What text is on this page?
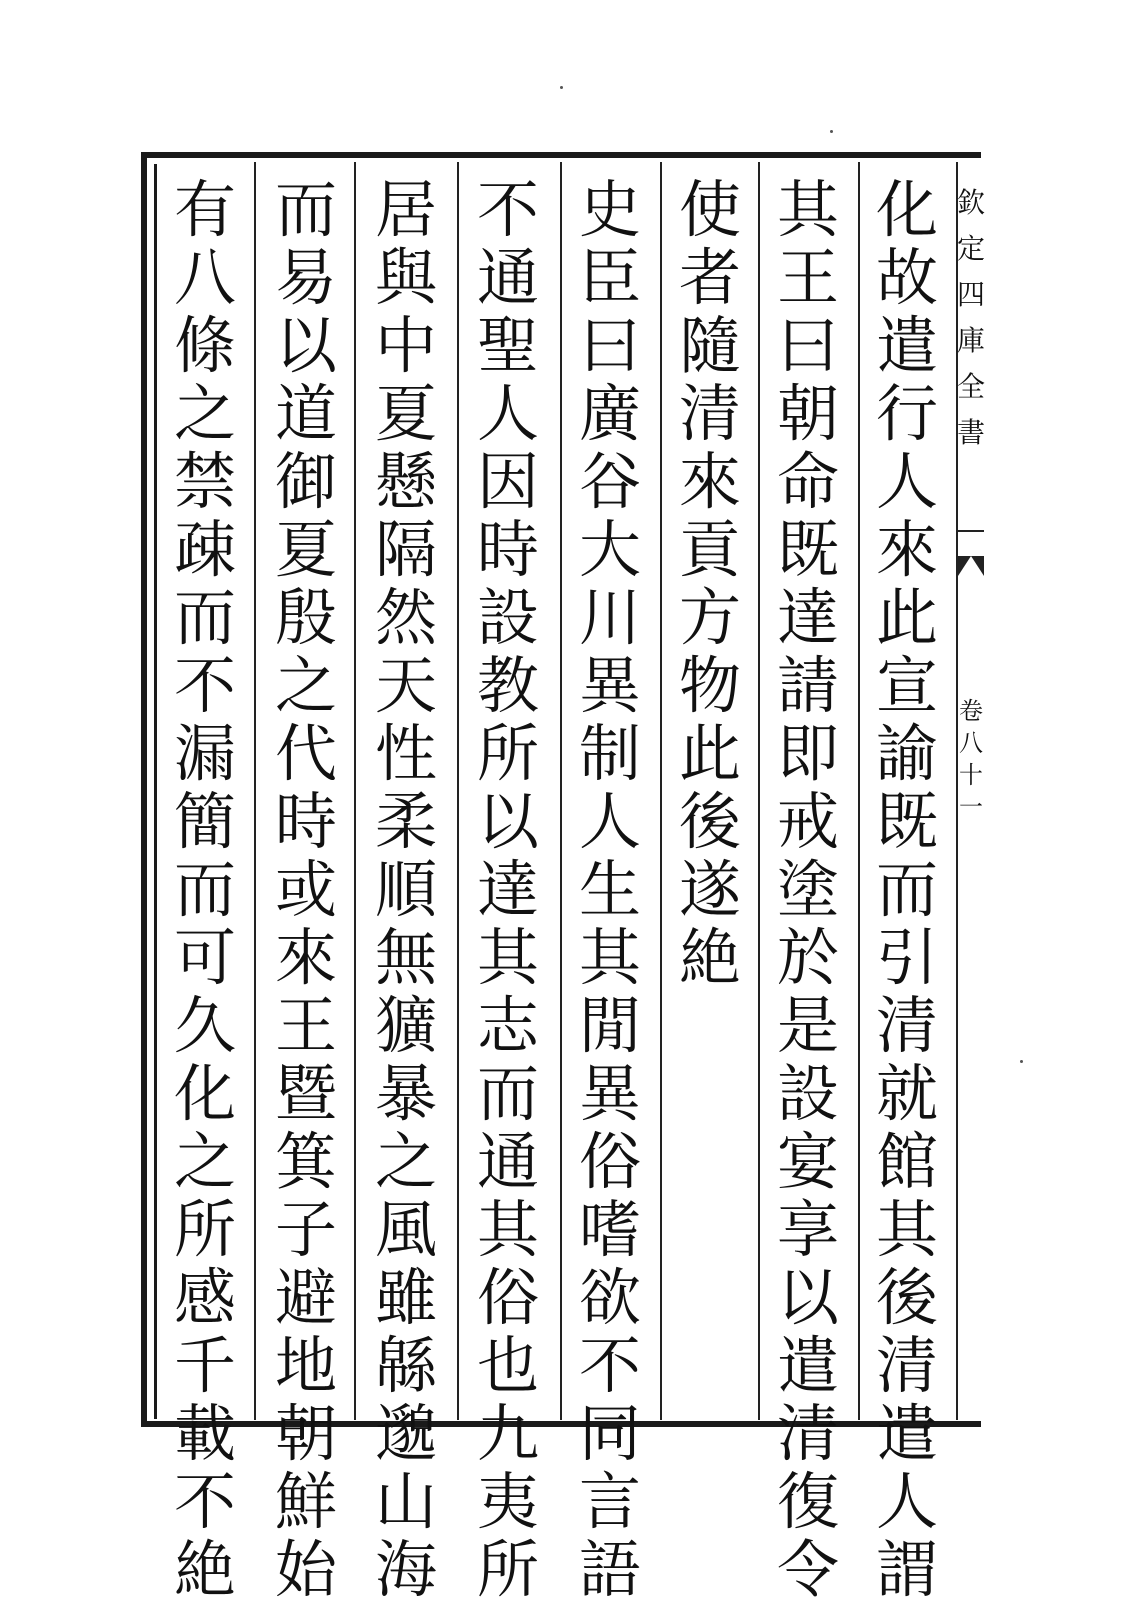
化
故
遣
行
人
來
此
宣
諭
既
而
引
清
就
館
其
後
清
遣
人
謂
其
王
曰
朝
命
既
達
請
即
戒
塗
於
是
設
宴
享
以
遣
清
復
令
使
者
隨
清
來
貢
方
物
此
後
遂
絶
史
臣
曰
廣
谷
大
川
異
制
人
生
其
閒
異
俗
嗜
欲
不
同
言
語
不
通
聖
人
因
時
設
教
所
以
達
其
志
而
通
其
俗
也
九
夷
所
居
與
中
夏
懸
隔
然
天
性
柔
順
無
獷
暴
之
風
雖
緜
邈
山
海
而
易
以
道
御
夏
殷
之
代
時
或
來
王
暨
箕
子
避
地
朝
鮮
始
有
八
條
之
禁
疎
而
不
漏
簡
而
可
久
化
之
所
感
千
載
不
絶
欽
定
四
庫
全
書
卷
八
十
一
